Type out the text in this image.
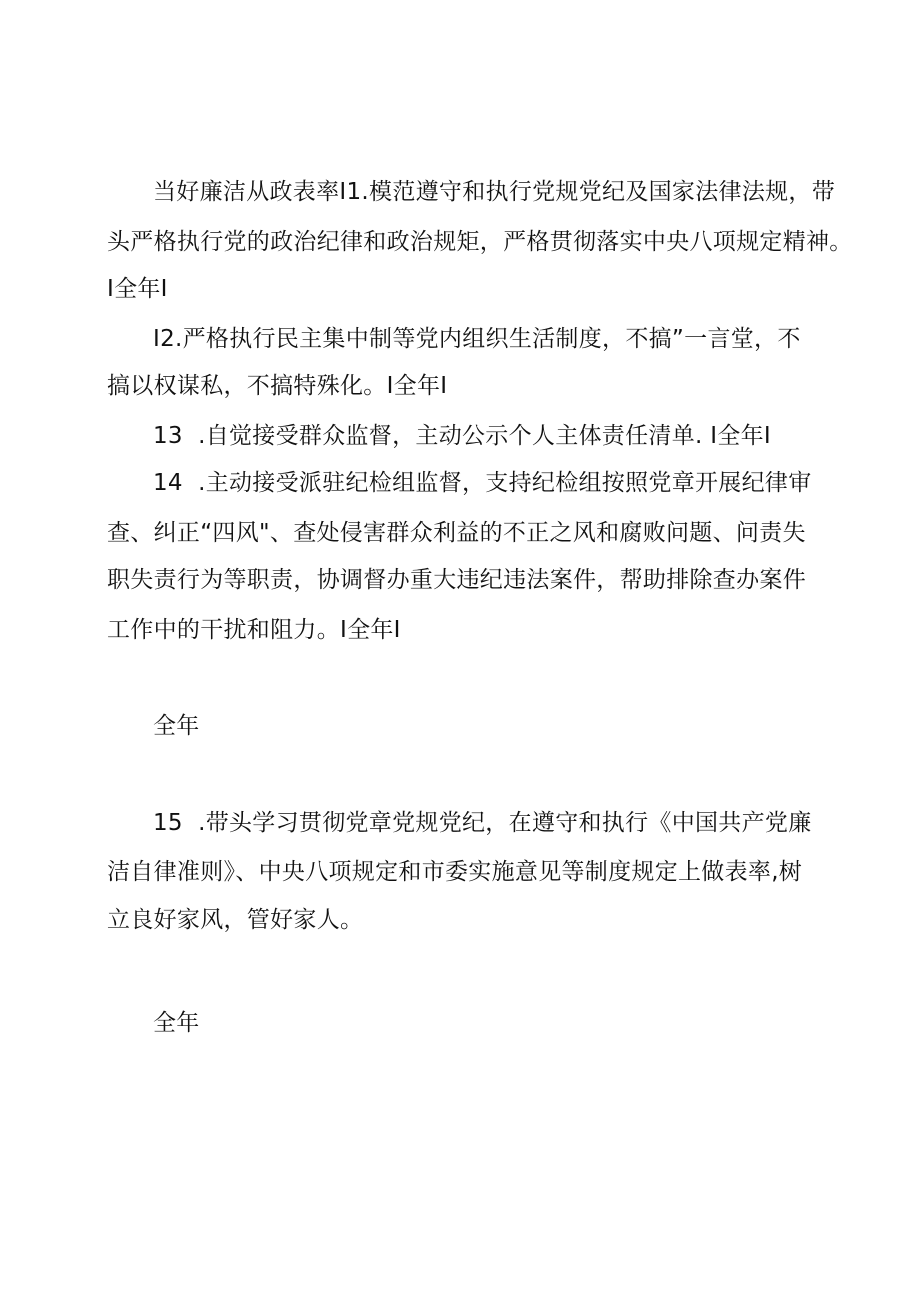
当好廉洁从政表率I1.模范遵守和执行党规党纪及国家法律法规，带
头严格执行党的政治纪律和政治规矩，严格贯彻落实中央八项规定精神。
I全年I
I2.严格执行民主集中制等党内组织生活制度，不搞”一言堂，不
搞以权谋私，不搞特殊化。I全年I
13  .自觉接受群众监督，主动公示个人主体责任清单. I全年I
14  .主动接受派驻纪检组监督，支持纪检组按照党章开展纪律审
查、纠正“四风"、查处侵害群众利益的不正之风和腐败问题、问责失
职失责行为等职责，协调督办重大违纪违法案件，帮助排除查办案件
工作中的干扰和阻力。I全年I
全年
15  .带头学习贯彻党章党规党纪，在遵守和执行《中国共产党廉
洁自律准则》、中央八项规定和市委实施意见等制度规定上做表率,树
立良好家风，管好家人。
全年
